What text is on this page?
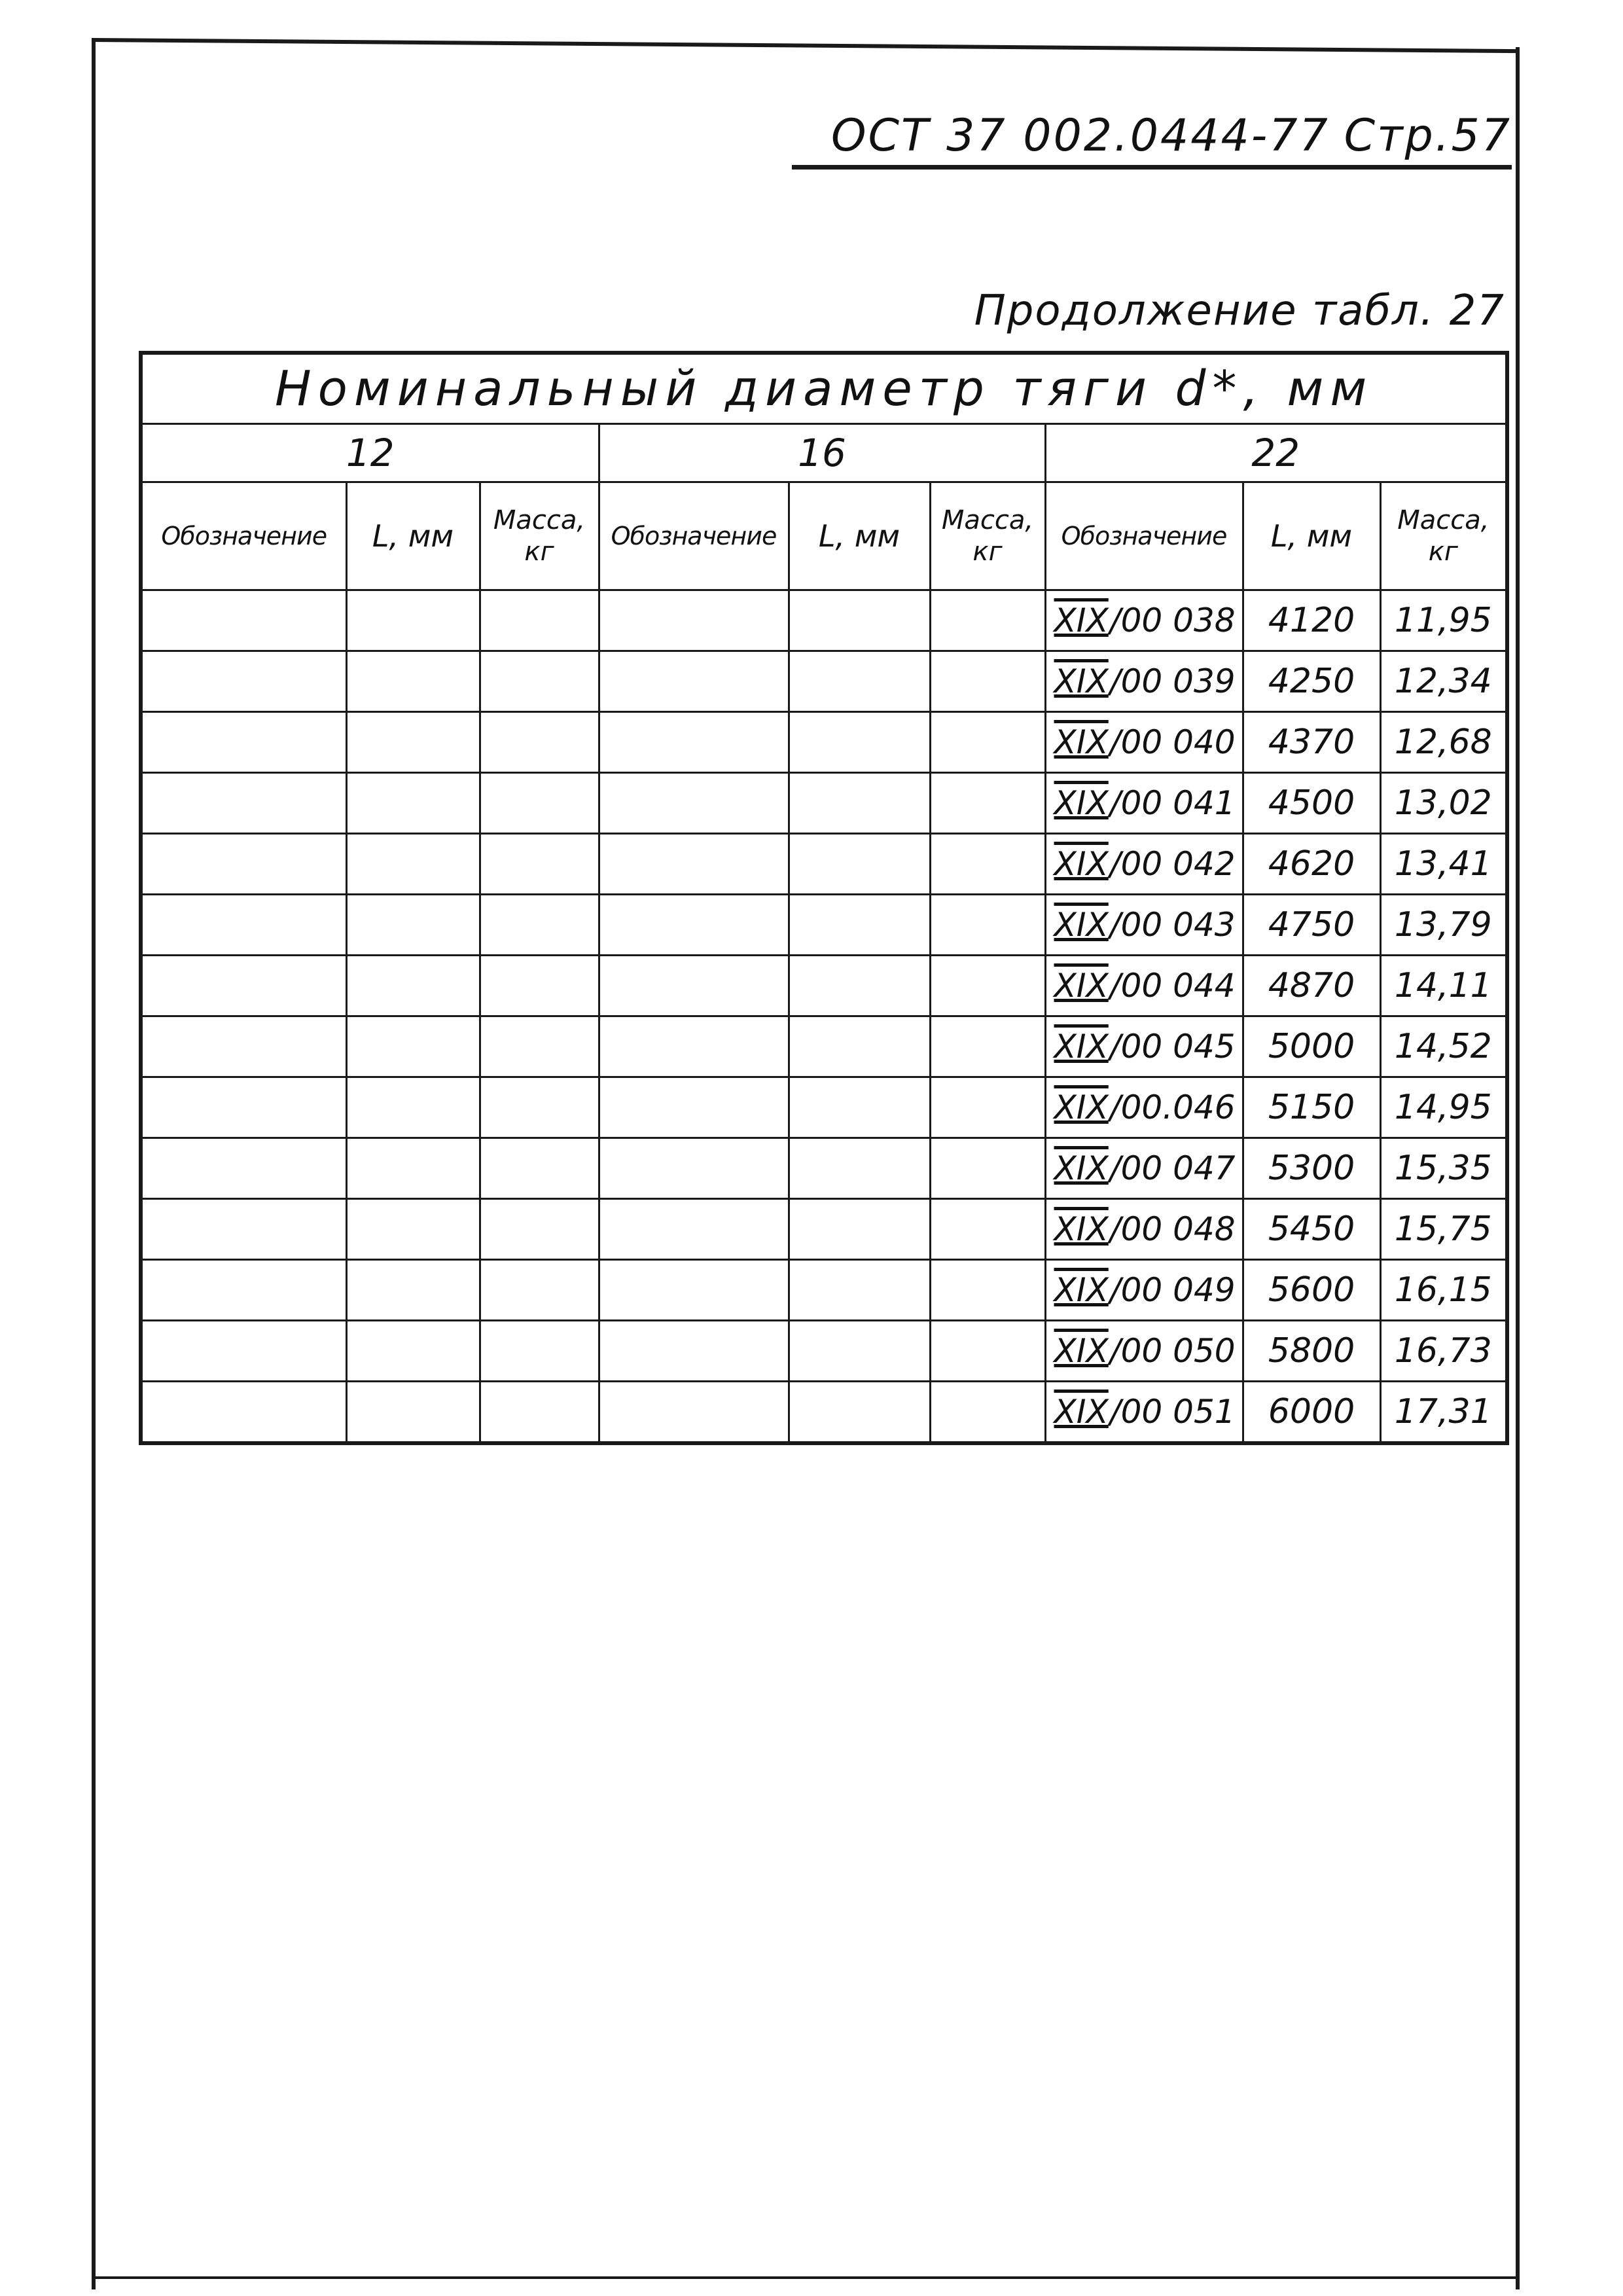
ОСТ 37 002.0444-77 Стр.57
Продолжение табл. 27
Номинальный диаметр тяги d*, мм								
12			16			22		
Обозначение	L, мм	Масса, кг	Обозначение	L, мм	Масса, кг	Обозначение	L, мм	Масса, кг
						XIX/00 038	4120	11,95
						XIX/00 039	4250	12,34
						XIX/00 040	4370	12,68
						XIX/00 041	4500	13,02
						XIX/00 042	4620	13,41
						XIX/00 043	4750	13,79
						XIX/00 044	4870	14,11
						XIX/00 045	5000	14,52
						XIX/00.046	5150	14,95
						XIX/00 047	5300	15,35
						XIX/00 048	5450	15,75
						XIX/00 049	5600	16,15
						XIX/00 050	5800	16,73
						XIX/00 051	6000	17,31
